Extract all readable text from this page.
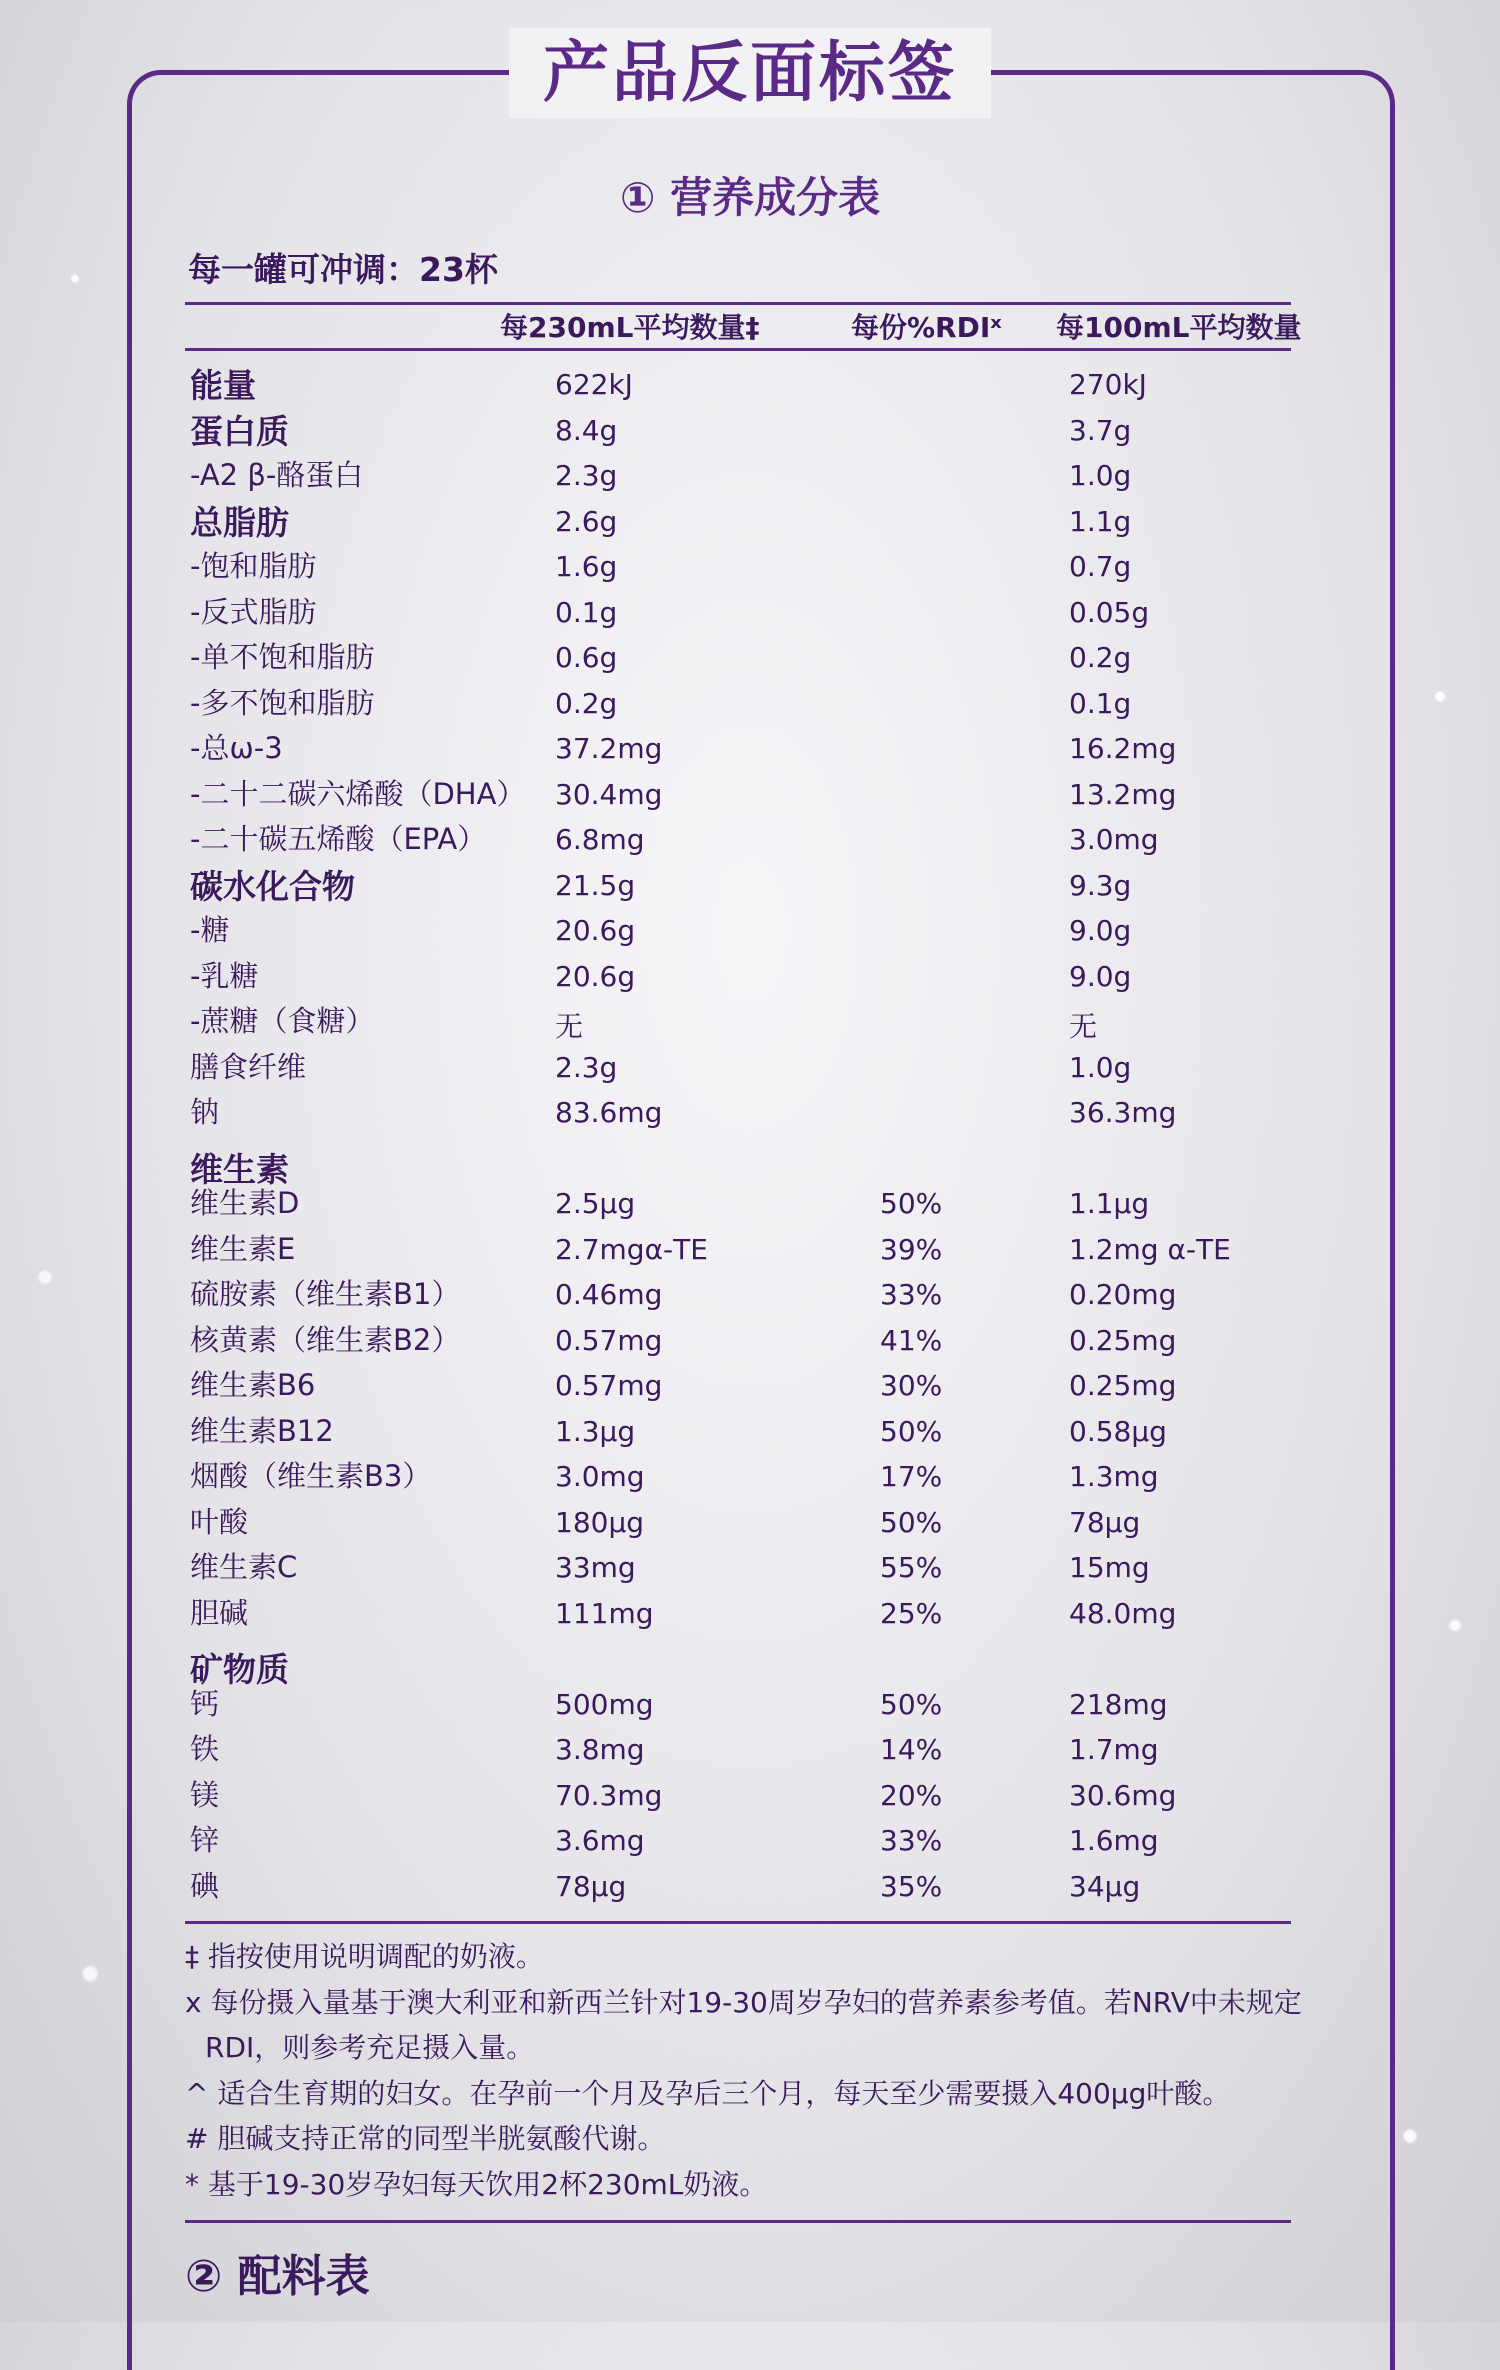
产品反面标签
① 营养成分表
每一罐可冲调：23杯
每230mL平均数量‡	每份%RDIˣ 每100mL平均数量
能量	622kJ	270kJ
蛋白质	8.4g	3.7g
-A2 β-酪蛋白	2.3g	1.0g
总脂肪	2.6g	1.1g
-饱和脂肪	1.6g	0.7g
-反式脂肪	0.1g	0.05g
-单不饱和脂肪	0.6g	0.2g
-多不饱和脂肪	0.2g	0.1g
-总ω-3	37.2mg	16.2mg
-二十二碳六烯酸（DHA） 30.4mg	13.2mg
-二十碳五烯酸（EPA） 6.8mg	3.0mg
碳水化合物	21.5g	9.3g
-糖	20.6g	9.0g
-乳糖	20.6g	9.0g
-蔗糖（食糖）	无	无
膳食纤维	2.3g	1.0g
钠	83.6mg	36.3mg
维生素
维生素D	2.5μg	50%	1.1μg
维生素E	2.7mgα-TE	39%	1.2mg α-TE
硫胺素（维生素B1）	0.46mg	33%	0.20mg
核黄素（维生素B2）	0.57mg	41%	0.25mg
维生素B6	0.57mg	30%	0.25mg
维生素B12	1.3μg	50%	0.58μg
烟酸（维生素B3）	3.0mg	17%	1.3mg
叶酸	180μg	50%	78μg
维生素C	33mg	55%	15mg
胆碱	111mg	25%	48.0mg
矿物质
钙	500mg	50%	218mg
铁	3.8mg	14%	1.7mg
镁	70.3mg	20%	30.6mg
锌	3.6mg	33%	1.6mg
碘	78μg	35%	34μg
‡ 指按使用说明调配的奶液。
x 每份摄入量基于澳大利亚和新西兰针对19-30周岁孕妇的营养素参考值。若NRV中未规定RDI，则参考充足摄入量。
^ 适合生育期的妇女。在孕前一个月及孕后三个月，每天至少需要摄入400μg叶酸。
# 胆碱支持正常的同型半胱氨酸代谢。
* 基于19-30岁孕妇每天饮用2杯230mL奶液。
② 配料表
